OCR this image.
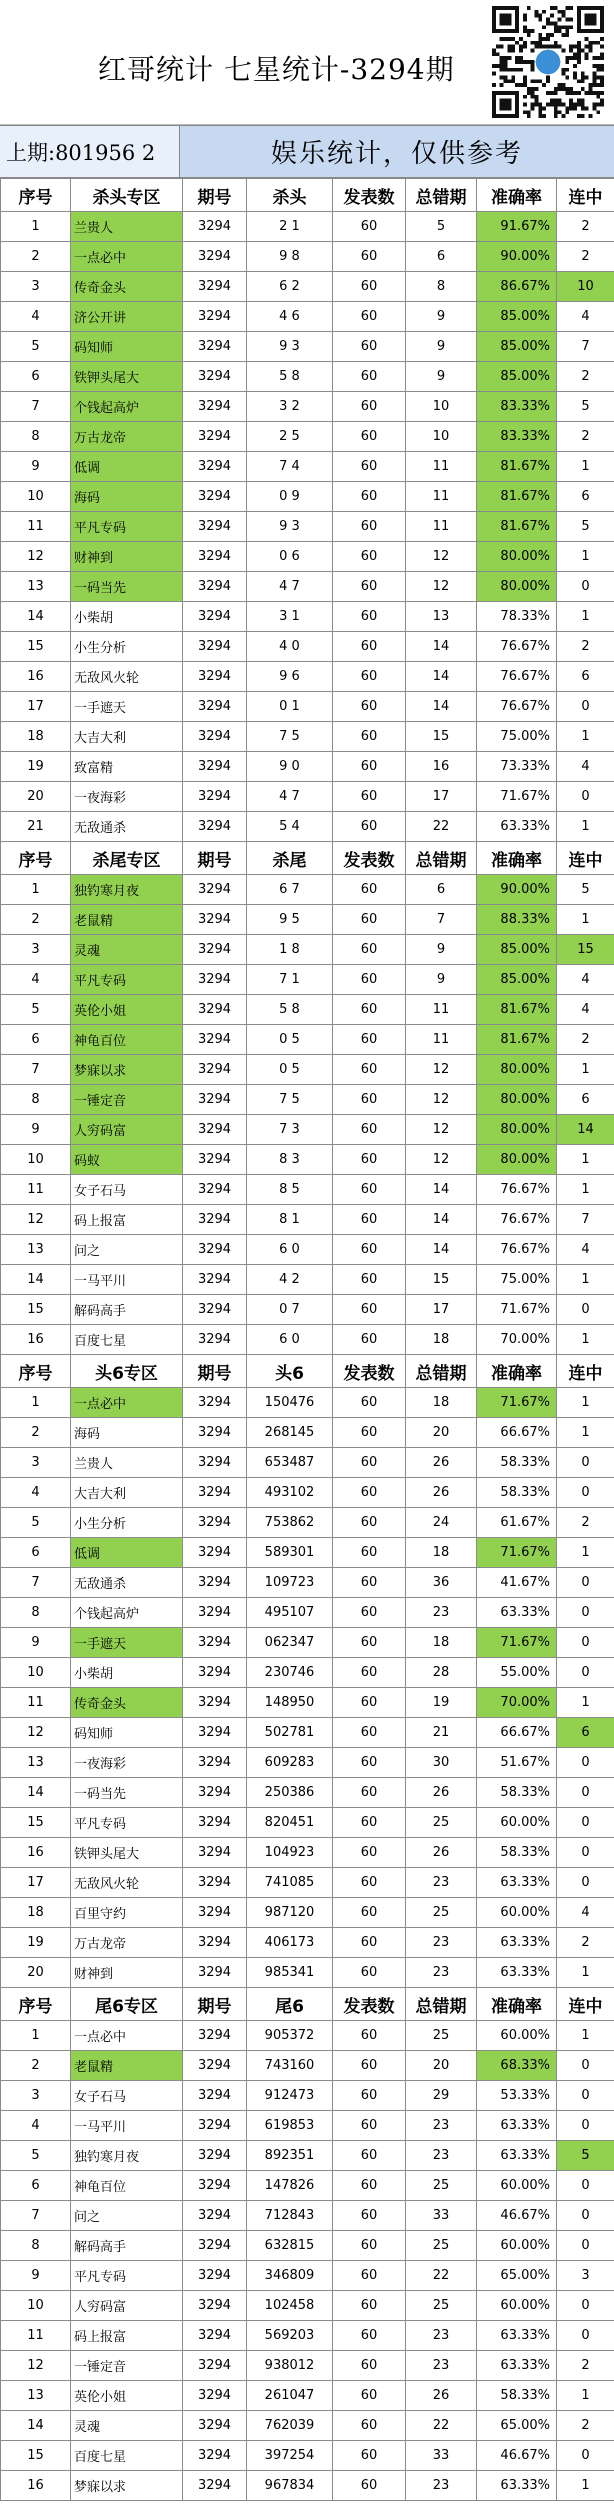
红哥统计 七星统计-3294期
上期:801956 2	娱乐统计，仅供参考
序号	杀头专区	期号	杀头	发表数	总错期	准确率	连中
1	兰贵人	3294	2 1	60	5	91.67%	2
2	一点必中	3294	9 8	60	6	90.00%	2
3	传奇金头	3294	6 2	60	8	86.67%	10
4	济公开讲	3294	4 6	60	9	85.00%	4
5	码知师	3294	9 3	60	9	85.00%	7
6	铁钾头尾大	3294	5 8	60	9	85.00%	2
7	个钱起高炉	3294	3 2	60	10	83.33%	5
8	万古龙帝	3294	2 5	60	10	83.33%	2
9	低调	3294	7 4	60	11	81.67%	1
10	海码	3294	0 9	60	11	81.67%	6
11	平凡专码	3294	9 3	60	11	81.67%	5
12	财神到	3294	0 6	60	12	80.00%	1
13	一码当先	3294	4 7	60	12	80.00%	0
14	小柴胡	3294	3 1	60	13	78.33%	1
15	小生分析	3294	4 0	60	14	76.67%	2
16	无敌风火轮	3294	9 6	60	14	76.67%	6
17	一手遮天	3294	0 1	60	14	76.67%	0
18	大吉大利	3294	7 5	60	15	75.00%	1
19	致富精	3294	9 0	60	16	73.33%	4
20	一夜海彩	3294	4 7	60	17	71.67%	0
21	无敌通杀	3294	5 4	60	22	63.33%	1
序号	杀尾专区	期号	杀尾	发表数	总错期	准确率	连中
1	独钓寒月夜	3294	6 7	60	6	90.00%	5
2	老鼠精	3294	9 5	60	7	88.33%	1
3	灵魂	3294	1 8	60	9	85.00%	15
4	平凡专码	3294	7 1	60	9	85.00%	4
5	英伦小姐	3294	5 8	60	11	81.67%	4
6	神龟百位	3294	0 5	60	11	81.67%	2
7	梦寐以求	3294	0 5	60	12	80.00%	1
8	一锤定音	3294	7 5	60	12	80.00%	6
9	人穷码富	3294	7 3	60	12	80.00%	14
10	码蚁	3294	8 3	60	12	80.00%	1
11	女子石马	3294	8 5	60	14	76.67%	1
12	码上报富	3294	8 1	60	14	76.67%	7
13	问之	3294	6 0	60	14	76.67%	4
14	一马平川	3294	4 2	60	15	75.00%	1
15	解码高手	3294	0 7	60	17	71.67%	0
16	百度七星	3294	6 0	60	18	70.00%	1
序号	头6专区	期号	头6	发表数	总错期	准确率	连中
1	一点必中	3294	150476	60	18	71.67%	1
2	海码	3294	268145	60	20	66.67%	1
3	兰贵人	3294	653487	60	26	58.33%	0
4	大吉大利	3294	493102	60	26	58.33%	0
5	小生分析	3294	753862	60	24	61.67%	2
6	低调	3294	589301	60	18	71.67%	1
7	无敌通杀	3294	109723	60	36	41.67%	0
8	个钱起高炉	3294	495107	60	23	63.33%	0
9	一手遮天	3294	062347	60	18	71.67%	0
10	小柴胡	3294	230746	60	28	55.00%	0
11	传奇金头	3294	148950	60	19	70.00%	1
12	码知师	3294	502781	60	21	66.67%	6
13	一夜海彩	3294	609283	60	30	51.67%	0
14	一码当先	3294	250386	60	26	58.33%	0
15	平凡专码	3294	820451	60	25	60.00%	0
16	铁钾头尾大	3294	104923	60	26	58.33%	0
17	无敌风火轮	3294	741085	60	23	63.33%	0
18	百里守约	3294	987120	60	25	60.00%	4
19	万古龙帝	3294	406173	60	23	63.33%	2
20	财神到	3294	985341	60	23	63.33%	1
序号	尾6专区	期号	尾6	发表数	总错期	准确率	连中
1	一点必中	3294	905372	60	25	60.00%	1
2	老鼠精	3294	743160	60	20	68.33%	0
3	女子石马	3294	912473	60	29	53.33%	0
4	一马平川	3294	619853	60	23	63.33%	0
5	独钓寒月夜	3294	892351	60	23	63.33%	5
6	神龟百位	3294	147826	60	25	60.00%	0
7	问之	3294	712843	60	33	46.67%	0
8	解码高手	3294	632815	60	25	60.00%	0
9	平凡专码	3294	346809	60	22	65.00%	3
10	人穷码富	3294	102458	60	25	60.00%	0
11	码上报富	3294	569203	60	23	63.33%	0
12	一锤定音	3294	938012	60	23	63.33%	2
13	英伦小姐	3294	261047	60	26	58.33%	1
14	灵魂	3294	762039	60	22	65.00%	2
15	百度七星	3294	397254	60	33	46.67%	0
16	梦寐以求	3294	967834	60	23	63.33%	1
